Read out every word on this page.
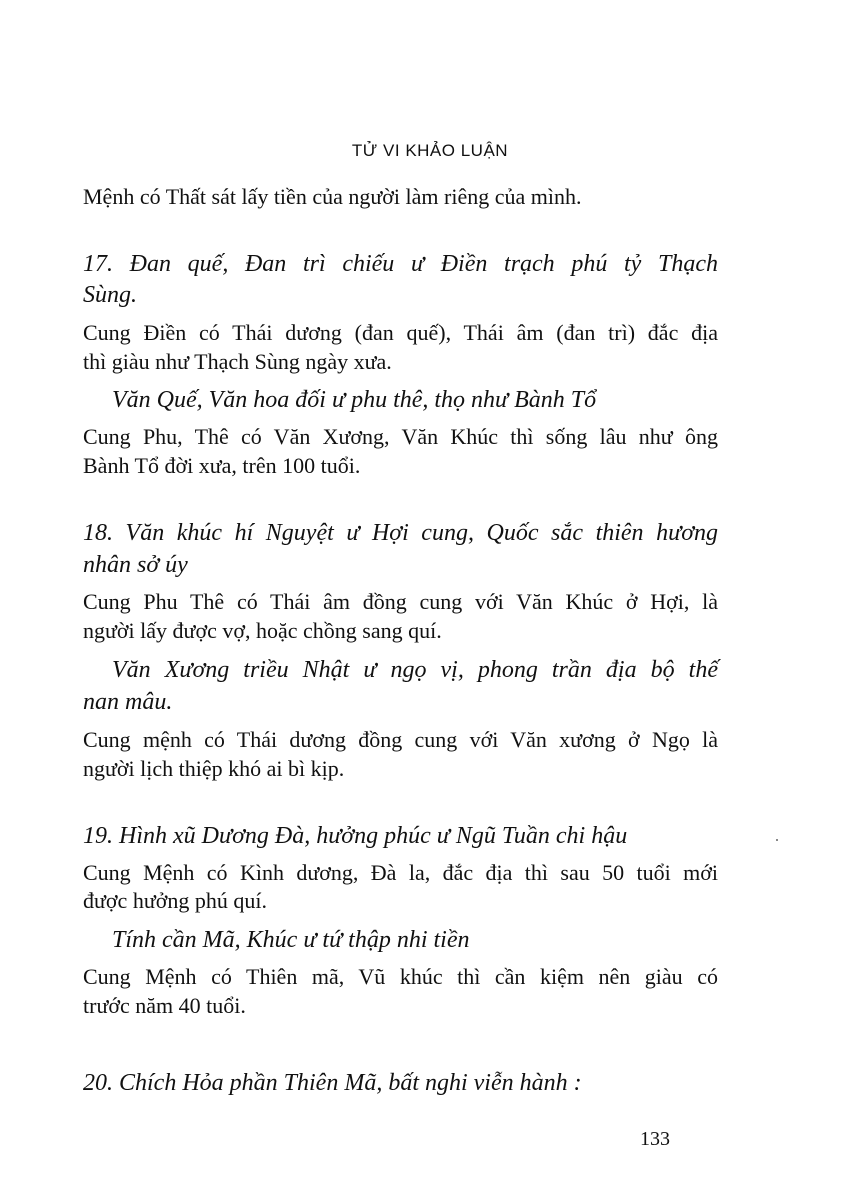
TỬ VI KHẢO LUẬN
Mệnh có Thất sát lấy tiền của người làm riêng của mình.
17. Đan quế, Đan trì chiếu ư Điền trạch phú tỷ Thạch
Sùng.
Cung Điền có Thái dương (đan quế), Thái âm (đan trì) đắc địa
thì giàu như Thạch Sùng ngày xưa.
Văn Quế, Văn hoa đối ư phu thê, thọ như Bành Tổ
Cung Phu, Thê có Văn Xương, Văn Khúc thì sống lâu như ông
Bành Tổ đời xưa, trên 100 tuổi.
18. Văn khúc hí Nguyệt ư Hợi cung, Quốc sắc thiên hương
nhân sở úy
Cung Phu Thê có Thái âm đồng cung với Văn Khúc ở Hợi, là
người lấy được vợ, hoặc chồng sang quí.
Văn Xương triều Nhật ư ngọ vị, phong trần địa bộ thế
nan mâu.
Cung mệnh có Thái dương đồng cung với Văn xương ở Ngọ là
người lịch thiệp khó ai bì kịp.
19. Hình xũ Dương Đà, hưởng phúc ư Ngũ Tuần chi hậu
Cung Mệnh có Kình dương, Đà la, đắc địa thì sau 50 tuổi mới
được hưởng phú quí.
Tính cần Mã, Khúc ư tứ thập nhi tiền
Cung Mệnh có Thiên mã, Vũ khúc thì cần kiệm nên giàu có
trước năm 40 tuổi.
20. Chích Hỏa phần Thiên Mã, bất nghi viễn hành :
133
